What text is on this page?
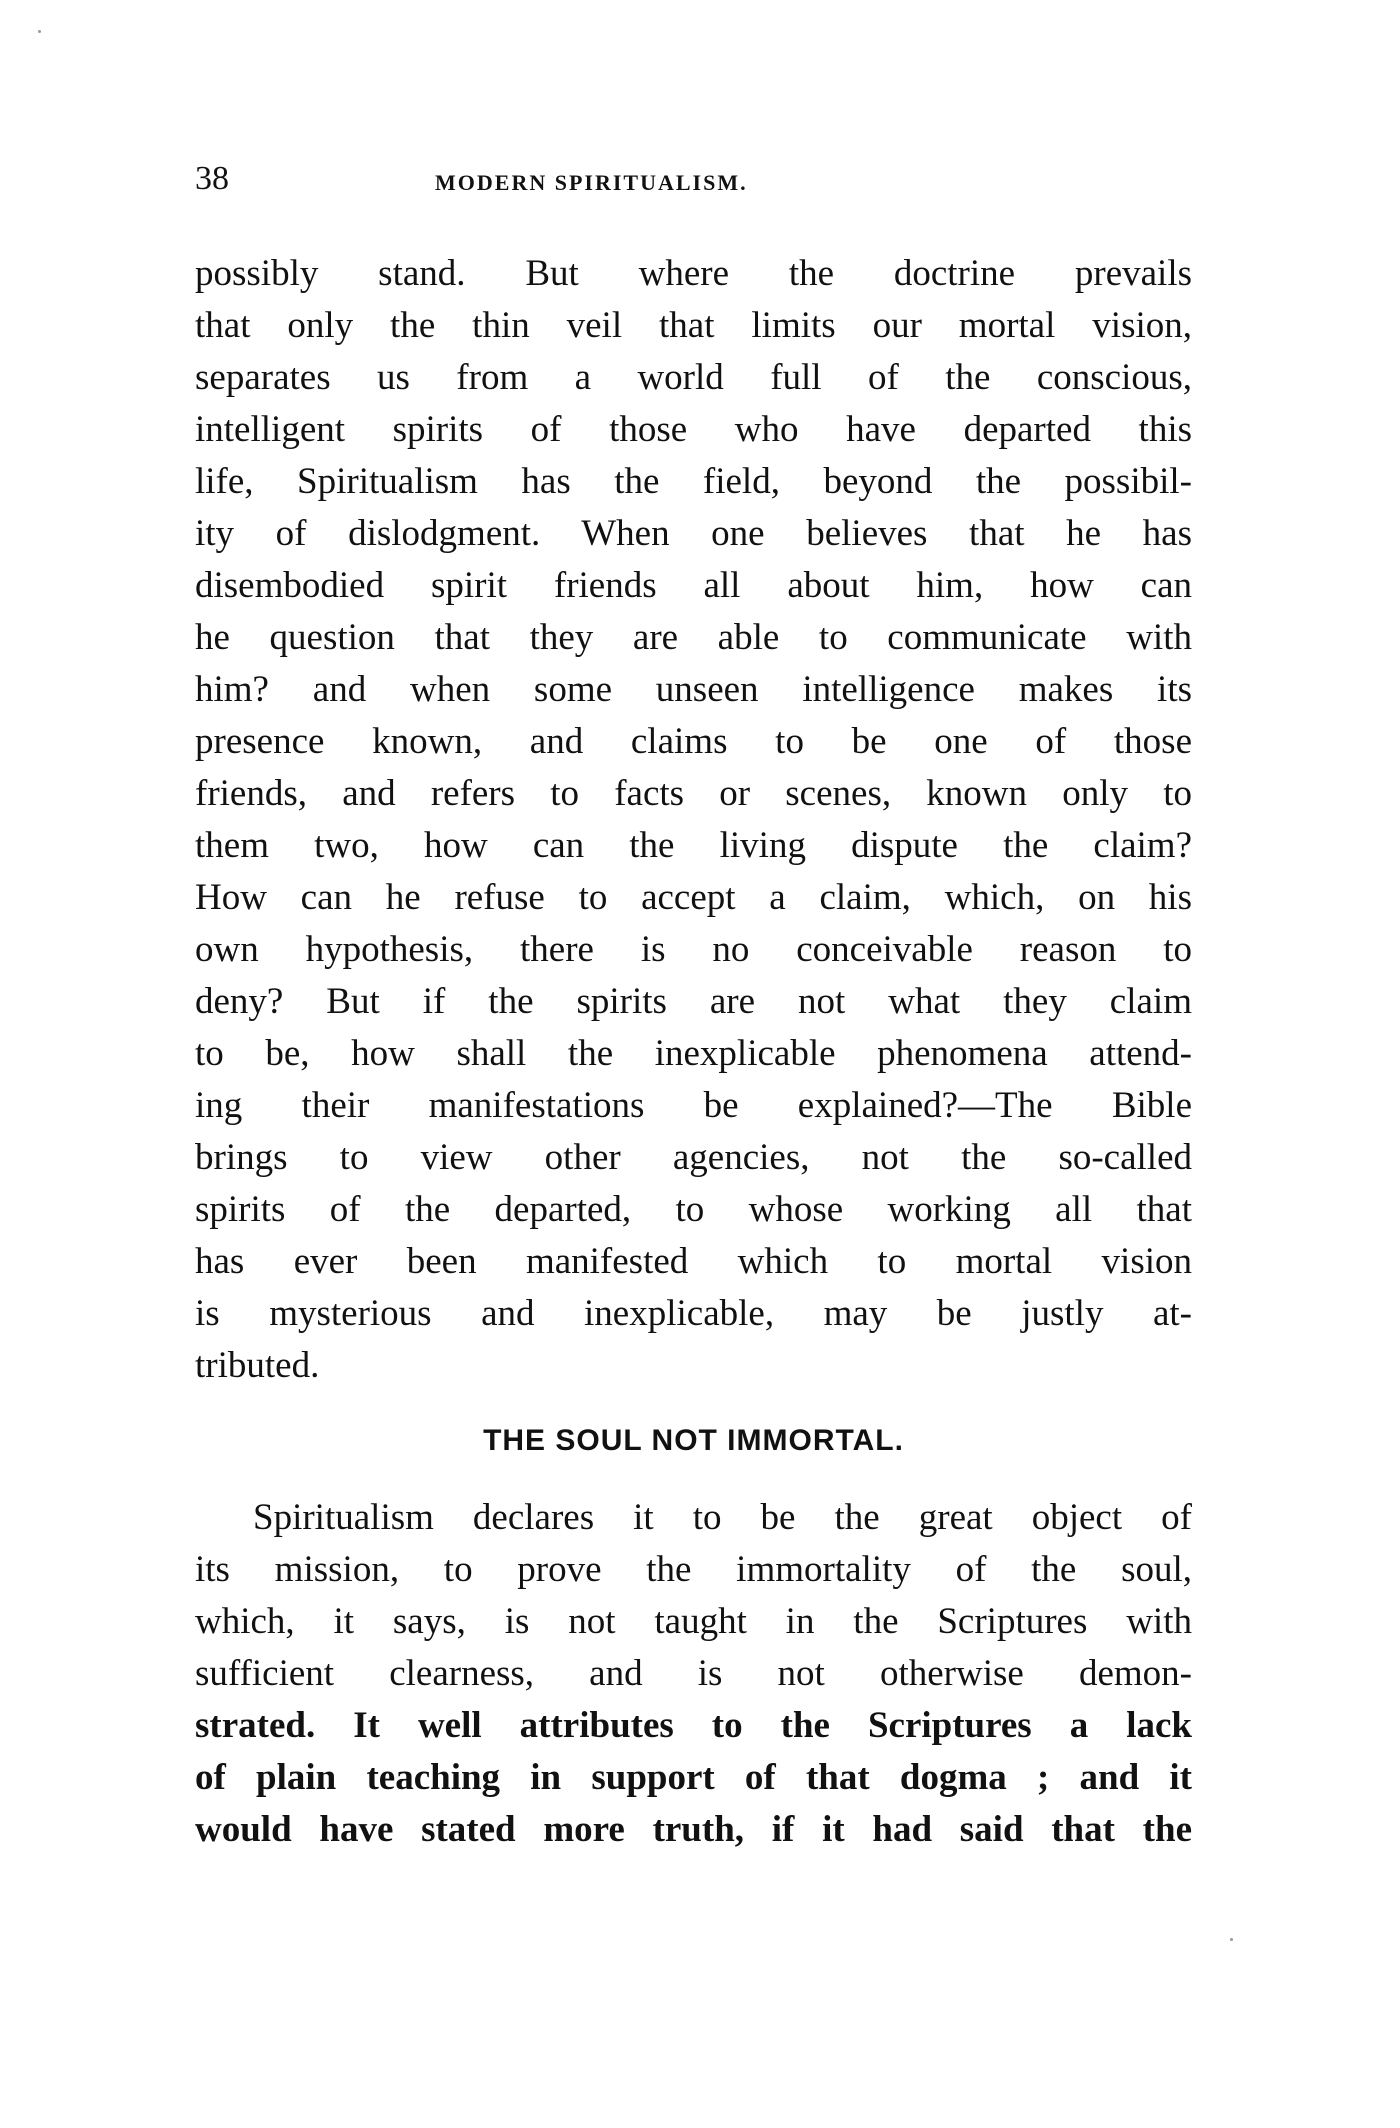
38	MODERN SPIRITUALISM.
possibly stand. But where the doctrine prevails
that only the thin veil that limits our mortal vision,
separates us from a world full of the conscious,
intelligent spirits of those who have departed this
life, Spiritualism has the field, beyond the possibil-
ity of dislodgment. When one believes that he has
disembodied spirit friends all about him, how can
he question that they are able to communicate with
him? and when some unseen intelligence makes its
presence known, and claims to be one of those
friends, and refers to facts or scenes, known only to
them two, how can the living dispute the claim?
How can he refuse to accept a claim, which, on his
own hypothesis, there is no conceivable reason to
deny? But if the spirits are not what they claim
to be, how shall the inexplicable phenomena attend-
ing their manifestations be explained?—The Bible
brings to view other agencies, not the so-called
spirits of the departed, to whose working all that
has ever been manifested which to mortal vision
is mysterious and inexplicable, may be justly at-
tributed.
THE SOUL NOT IMMORTAL.
Spiritualism declares it to be the great object of
its mission, to prove the immortality of the soul,
which, it says, is not taught in the Scriptures with
sufficient clearness, and is not otherwise demon-
strated. It well attributes to the Scriptures a lack
of plain teaching in support of that dogma ; and it
would have stated more truth, if it had said that the
